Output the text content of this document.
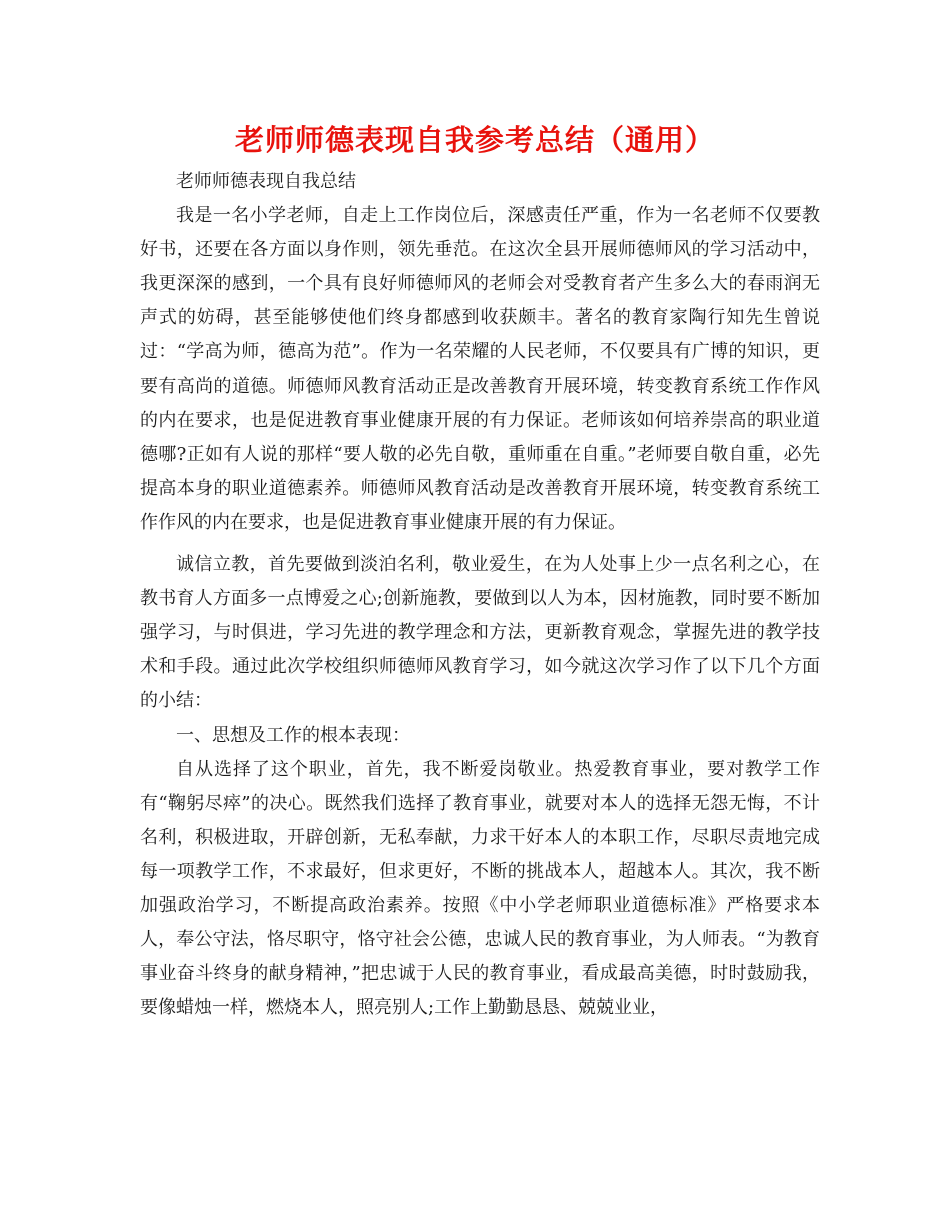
老师师德表现自我参考总结（通用）

老师师德表现自我总结

我是一名小学老师，自走上工作岗位后，深感责任严重，作为一名老师不仅要教好书，还要在各方面以身作则，领先垂范。在这次全县开展师德师风的学习活动中，我更深深的感到，一个具有良好师德师风的老师会对受教育者产生多么大的春雨润无声式的妨碍，甚至能够使他们终身都感到收获颇丰。著名的教育家陶行知先生曾说过：“学高为师，德高为范”。作为一名荣耀的人民老师，不仅要具有广博的知识，更要有高尚的道德。师德师风教育活动正是改善教育开展环境，转变教育系统工作作风的内在要求，也是促进教育事业健康开展的有力保证。老师该如何培养崇高的职业道德哪?正如有人说的那样“要人敬的必先自敬，重师重在自重。”老师要自敬自重，必先提高本身的职业道德素养。师德师风教育活动是改善教育开展环境，转变教育系统工作作风的内在要求，也是促进教育事业健康开展的有力保证。

诚信立教，首先要做到淡泊名利，敬业爱生，在为人处事上少一点名利之心，在教书育人方面多一点博爱之心;创新施教，要做到以人为本，因材施教，同时要不断加强学习，与时俱进，学习先进的教学理念和方法，更新教育观念，掌握先进的教学技术和手段。通过此次学校组织师德师风教育学习，如今就这次学习作了以下几个方面的小结：

一、思想及工作的根本表现：

自从选择了这个职业，首先，我不断爱岗敬业。热爱教育事业，要对教学工作有“鞠躬尽瘁”的决心。既然我们选择了教育事业，就要对本人的选择无怨无悔，不计名利，积极进取，开辟创新，无私奉献，力求干好本人的本职工作，尽职尽责地完成每一项教学工作，不求最好，但求更好，不断的挑战本人，超越本人。其次，我不断加强政治学习，不断提高政治素养。按照《中小学老师职业道德标准》严格要求本人，奉公守法，恪尽职守，恪守社会公德，忠诚人民的教育事业，为人师表。“为教育事业奋斗终身的献身精神，”把忠诚于人民的教育事业，看成最高美德，时时鼓励我，要像蜡烛一样，燃烧本人，照亮别人;工作上勤勤恳恳、兢兢业业，
